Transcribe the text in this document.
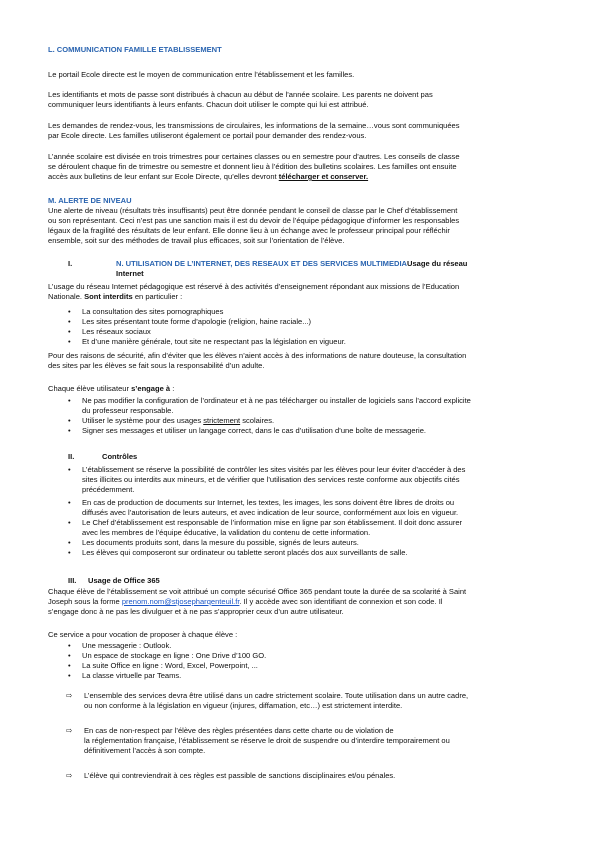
L. COMMUNICATION FAMILLE ETABLISSEMENT
Le portail Ecole directe est le moyen de communication entre l’établissement et les familles.
Les identifiants et mots de passe sont distribués à chacun au début de l’année scolaire. Les parents ne doivent pas
communiquer leurs identifiants à leurs enfants. Chacun doit utiliser le compte qui lui est attribué.
Les demandes de rendez-vous, les transmissions de circulaires, les informations de la semaine…vous sont communiquées
par Ecole directe. Les familles utiliseront également ce portail pour demander des rendez-vous.
L’année scolaire est divisée en trois trimestres pour certaines classes ou en semestre pour d’autres. Les conseils de classe
se déroulent chaque fin de trimestre ou semestre et donnent lieu à l’édition des bulletins scolaires. Les familles ont ensuite
accès aux bulletins de leur enfant sur Ecole Directe, qu’elles devront télécharger et conserver.
M. ALERTE DE NIVEAU
Une alerte de niveau (résultats très insuffisants) peut être donnée pendant le conseil de classe par le Chef d’établissement
ou son représentant. Ceci n’est pas une sanction mais il est du devoir de l’équipe pédagogique d’informer les responsables
légaux de la fragilité des résultats de leur enfant. Elle donne lieu à un échange avec le professeur principal pour réfléchir
ensemble, soit sur des méthodes de travail plus efficaces, soit sur l’orientation de l’élève.
I.	N. UTILISATION DE L’INTERNET, DES RESEAUX ET DES SERVICES MULTIMEDIA Usage du réseau
Internet
L’usage du réseau Internet pédagogique est réservé à des activités d’enseignement répondant aux missions de l’Education
Nationale. Sont interdits en particulier :
• La consultation des sites pornographiques
• Les sites présentant toute forme d’apologie (religion, haine raciale...)
• Les réseaux sociaux
• Et d’une manière générale, tout site ne respectant pas la législation en vigueur.
Pour des raisons de sécurité, afin d’éviter que les élèves n’aient accès à des informations de nature douteuse, la consultation
des sites par les élèves se fait sous la responsabilité d’un adulte.
Chaque élève utilisateur s’engage à :
• Ne pas modifier la configuration de l’ordinateur et à ne pas télécharger ou installer de logiciels sans l’accord explicite
du professeur responsable.
• Utiliser le système pour des usages strictement scolaires.
• Signer ses messages et utiliser un langage correct, dans le cas d’utilisation d’une boîte de messagerie.
II.	Contrôles
• L’établissement se réserve la possibilité de contrôler les sites visités par les élèves pour leur éviter d’accéder à des
sites illicites ou interdits aux mineurs, et de vérifier que l’utilisation des services reste conforme aux objectifs cités
précédemment.
• En cas de production de documents sur Internet, les textes, les images, les sons doivent être libres de droits ou
diffusés avec l’autorisation de leurs auteurs, et avec indication de leur source, conformément aux lois en vigueur.
• Le Chef d’établissement est responsable de l’information mise en ligne par son établissement. Il doit donc assurer
avec les membres de l’équipe éducative, la validation du contenu de cette information.
• Les documents produits sont, dans la mesure du possible, signés de leurs auteurs.
• Les élèves qui composeront sur ordinateur ou tablette seront placés dos aux surveillants de salle.
III.	Usage de Office 365
Chaque élève de l’établissement se voit attribué un compte sécurisé Office 365 pendant toute la durée de sa scolarité à Saint
Joseph sous la forme prenom.nom@stjosepharqenteuil.fr. Il y accède avec son identifiant de connexion et son code. Il
s’engage donc à ne pas les divulguer et à ne pas s’approprier ceux d’un autre utilisateur.
Ce service a pour vocation de proposer à chaque élève :
• Une messagerie : Outlook.
• Un espace de stockage en ligne : One Drive d’100 GO.
• La suite Office en ligne : Word, Excel, Powerpoint, ...
• La classe virtuelle par Teams.
⇨ L’ensemble des services devra être utilisé dans un cadre strictement scolaire. Toute utilisation dans un autre cadre,
ou non conforme à la législation en vigueur (injures, diffamation, etc…) est strictement interdite.
⇨ En cas de non-respect par l’élève des règles présentées dans cette charte ou de violation de
la réglementation française, l’établissement se réserve le droit de suspendre ou d’interdire temporairement ou
définitivement l’accès à son compte.
⇨ L’élève qui contreviendrait à ces règles est passible de sanctions disciplinaires et/ou pénales.
